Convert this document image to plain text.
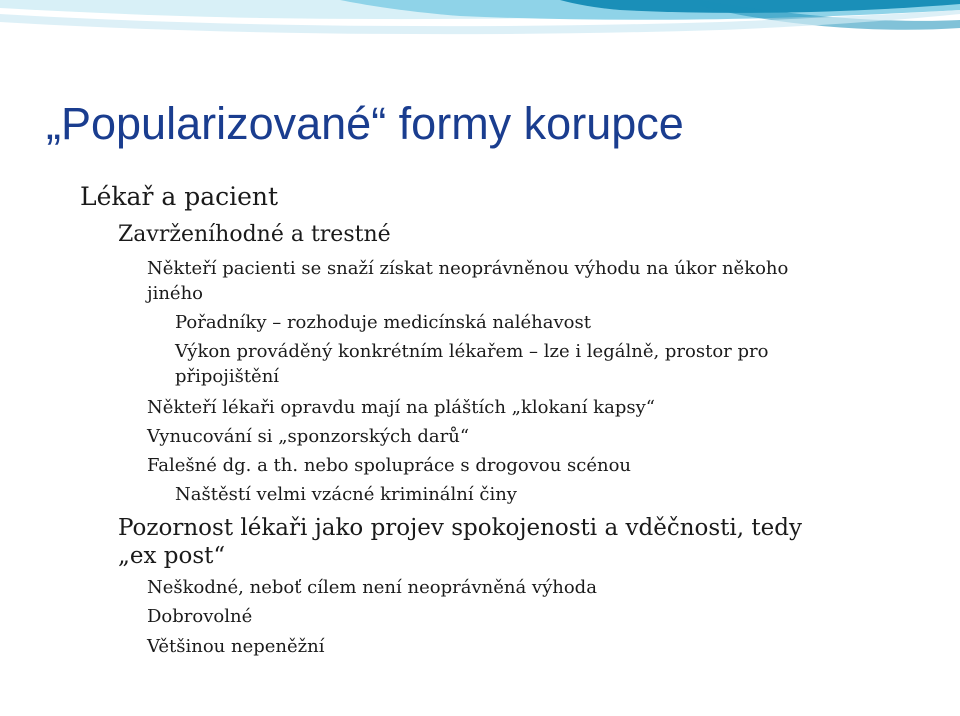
„Popularizované“ formy korupce
Lékař a pacient
Zavrženíhodné a trestné
Někteří pacienti se snaží získat neoprávněnou výhodu na úkor někoho
jiného
Pořadníky – rozhoduje medicínská naléhavost
Výkon prováděný konkrétním lékařem – lze i legálně, prostor pro
připojištění
Někteří lékaři opravdu mají na pláštích „klokaní kapsy“
Vynucování si „sponzorských darů“
Falešné dg. a th. nebo spolupráce s drogovou scénou
Naštěstí velmi vzácné kriminální činy
Pozornost lékaři jako projev spokojenosti a vděčnosti, tedy
„ex post“
Neškodné, neboť cílem není neoprávněná výhoda
Dobrovolné
Většinou nepeněžní
